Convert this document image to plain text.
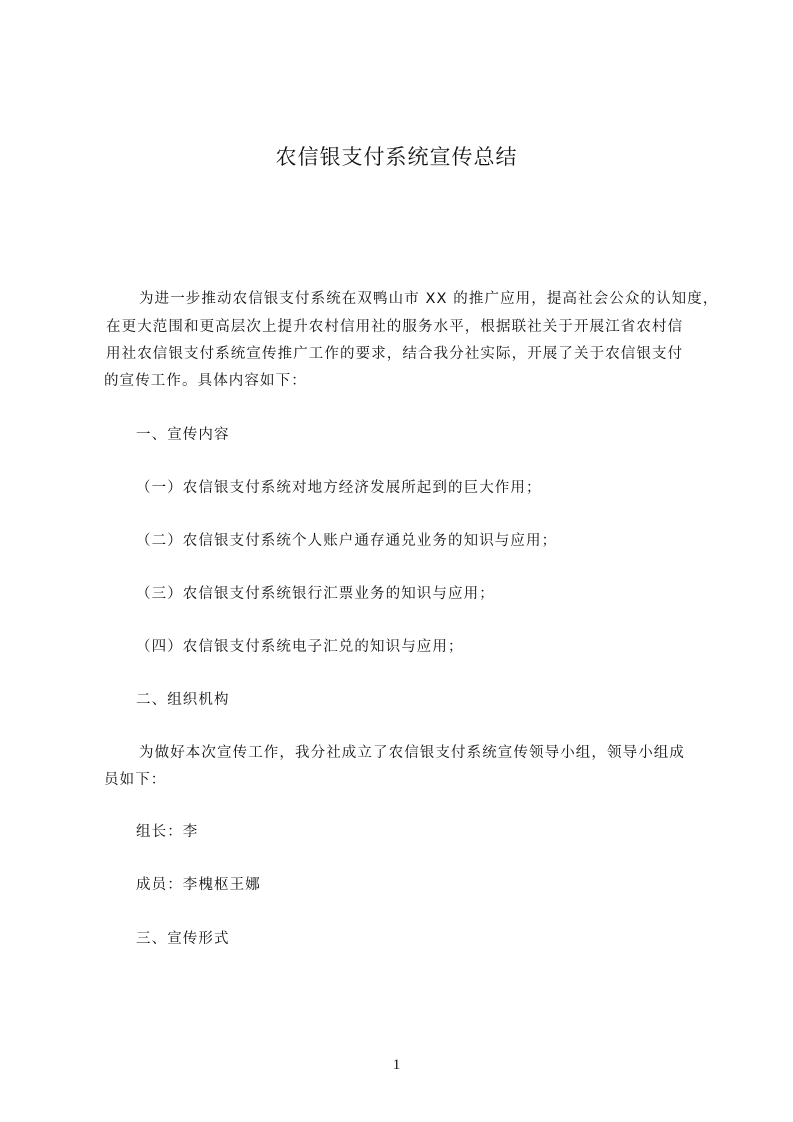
农信银支付系统宣传总结
为进一步推动农信银支付系统在双鸭山市 XX 的推广应用，提高社会公众的认知度，
在更大范围和更高层次上提升农村信用社的服务水平，根据联社关于开展江省农村信
用社农信银支付系统宣传推广工作的要求，结合我分社实际，开展了关于农信银支付
的宣传工作。具体内容如下：
一、宣传内容
（一）农信银支付系统对地方经济发展所起到的巨大作用；
（二）农信银支付系统个人账户通存通兑业务的知识与应用；
（三）农信银支付系统银行汇票业务的知识与应用；
（四）农信银支付系统电子汇兑的知识与应用；
二、组织机构
为做好本次宣传工作，我分社成立了农信银支付系统宣传领导小组，领导小组成
员如下：
组长：李
成员：李槐枢王娜
三、宣传形式
1
